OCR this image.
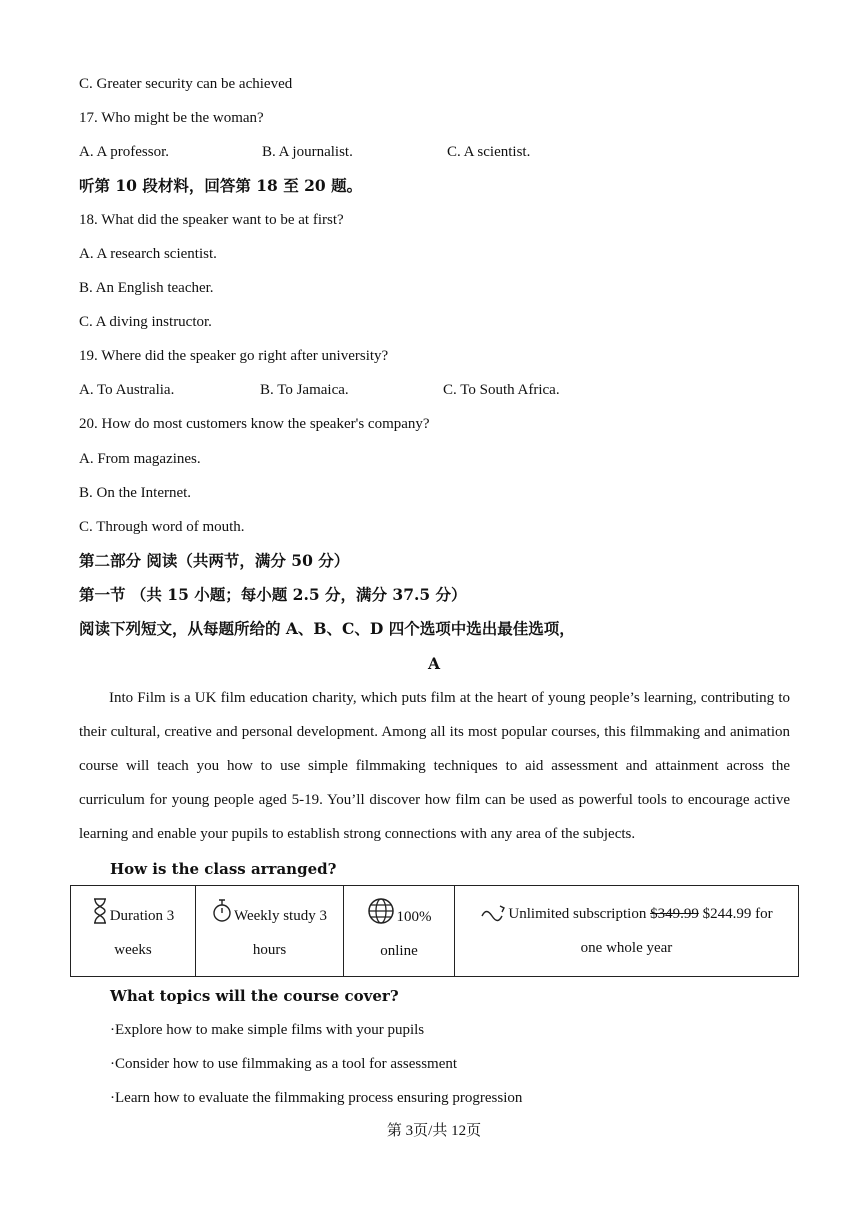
C. Greater security can be achieved
17. Who might be the woman?
A. A professor.	B. A journalist.	C. A scientist.
听第 10 段材料，回答第 18 至 20 题。
18. What did the speaker want to be at first?
A. A research scientist.
B. An English teacher.
C. A diving instructor.
19. Where did the speaker go right after university?
A. To Australia.	B. To Jamaica.	C. To South Africa.
20. How do most customers know the speaker's company?
A. From magazines.
B. On the Internet.
C. Through word of mouth.
第二部分 阅读（共两节，满分 50 分）
第一节 （共 15 小题；每小题 2.5 分，满分 37.5 分）
阅读下列短文，从每题所给的 A、B、C、D 四个选项中选出最佳选项，
A
Into Film is a UK film education charity, which puts film at the heart of young people’s learning, contributing to their cultural, creative and personal development. Among all its most popular courses, this filmmaking and animation course will teach you how to use simple filmmaking techniques to aid assessment and attainment across the curriculum for young people aged 5-19. You’ll discover how film can be used as powerful tools to encourage active learning and enable your pupils to establish strong connections with any area of the subjects.
How is the class arranged?
Duration 3
weeks

Weekly study 3
hours

100%
online

Unlimited subscription $349.99 $244.99 for
one whole year
What topics will the course cover?
·Explore how to make simple films with your pupils
·Consider how to use filmmaking as a tool for assessment
·Learn how to evaluate the filmmaking process ensuring progression
第 3页/共 12页
